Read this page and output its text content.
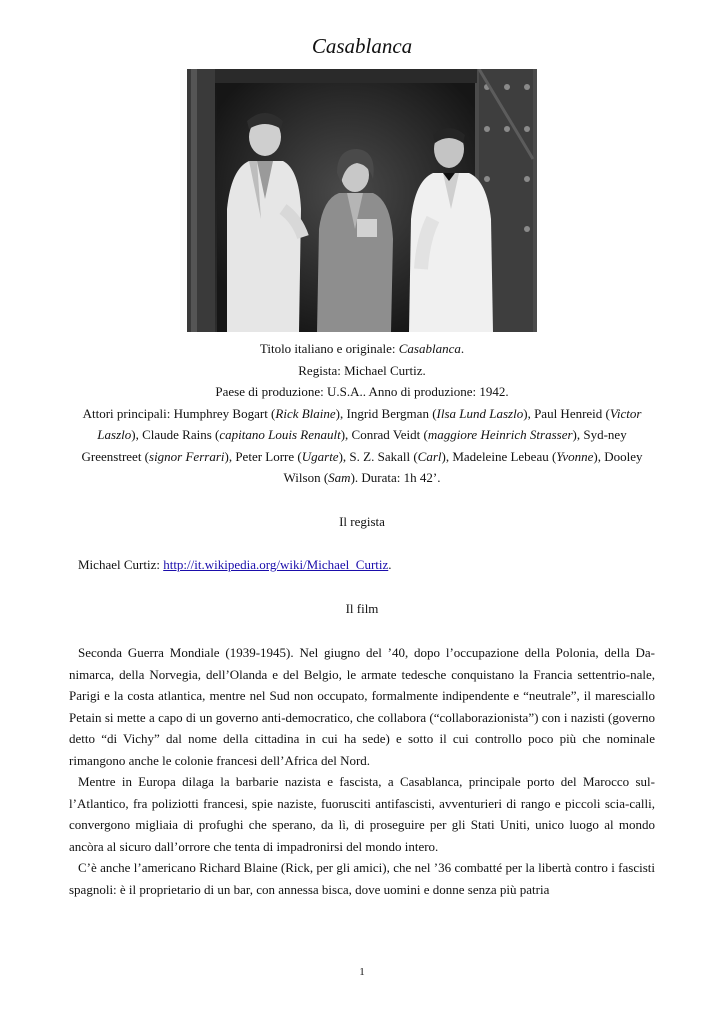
Casablanca

Titolo italiano e originale: Casablanca.

Regista: Michael Curtiz.

Paese di produzione: U.S.A.. Anno di produzione: 1942.

Attori principali: Humphrey Bogart (Rick Blaine), Ingrid Bergman (Ilsa Lund Laszlo), Paul Henreid (Victor Laszlo), Claude Rains (capitano Louis Renault), Conrad Veidt (maggiore Heinrich Strasser), Syd-ney Greenstreet (signor Ferrari), Peter Lorre (Ugarte), S. Z. Sakall (Carl), Madeleine Lebeau (Yvonne), Dooley Wilson (Sam). Durata: 1h 42’.

Il regista
Michael Curtiz: http://it.wikipedia.org/wiki/Michael_Curtiz.
Il film

Seconda Guerra Mondiale (1939-1945). Nel giugno del ’40, dopo l’occupazione della Polonia, della Da-nimarca, della Norvegia, dell’Olanda e del Belgio, le armate tedesche conquistano la Francia settentrio-nale, Parigi e la costa atlantica, mentre nel Sud non occupato, formalmente indipendente e “neutrale”, il maresciallo Petain si mette a capo di un governo anti-democratico, che collabora (“collaborazionista”) con i nazisti (governo detto “di Vichy” dal nome della cittadina in cui ha sede) e sotto il cui controllo poco più che nominale rimangono anche le colonie francesi dell’Africa del Nord.

Mentre in Europa dilaga la barbarie nazista e fascista, a Casablanca, principale porto del Marocco sul-l’Atlantico, fra poliziotti francesi, spie naziste, fuorusciti antifascisti, avventurieri di rango e piccoli scia-calli, convergono migliaia di profughi che sperano, da lì, di proseguire per gli Stati Uniti, unico luogo al mondo ancòra al sicuro dall’orrore che tenta di impadronirsi del mondo intero.

C’è anche l’americano Richard Blaine (Rick, per gli amici), che nel ’36 combatté per la libertà contro i fascisti spagnoli: è il proprietario di un bar, con annessa bisca, dove uomini e donne senza più patria

1
